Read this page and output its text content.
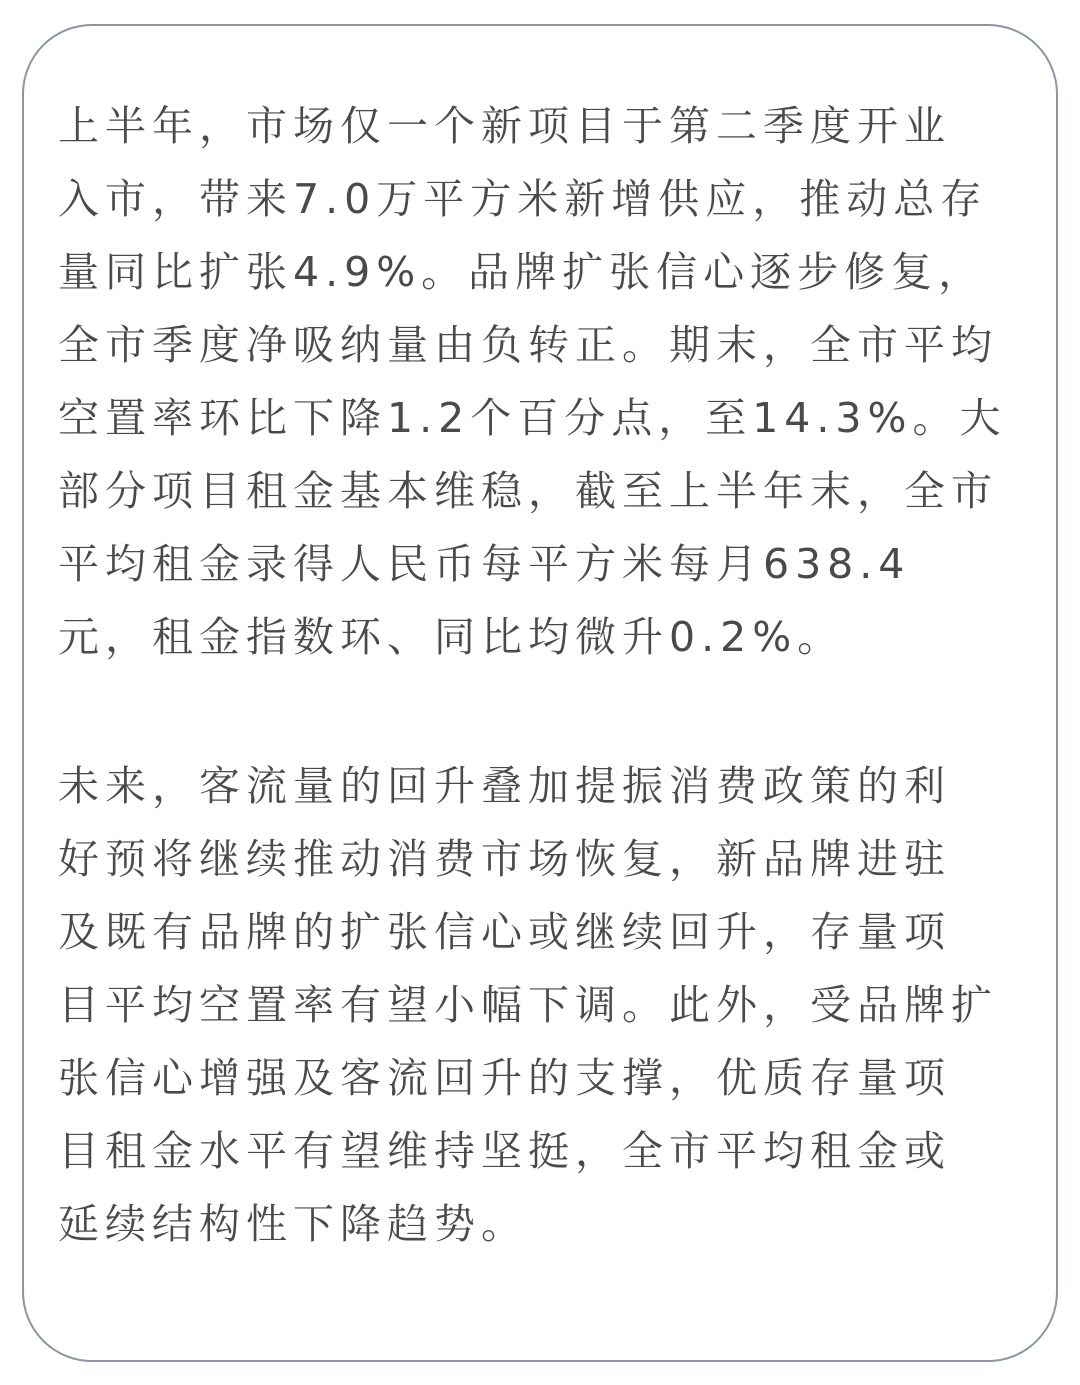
上半年，市场仅一个新项目于第二季度开业
入市，带来7.0万平方米新增供应，推动总存
量同比扩张4.9%。品牌扩张信心逐步修复，
全市季度净吸纳量由负转正。期末，全市平均
空置率环比下降1.2个百分点，至14.3%。大
部分项目租金基本维稳，截至上半年末，全市
平均租金录得人民币每平方米每月638.4
元，租金指数环、同比均微升0.2%。

未来，客流量的回升叠加提振消费政策的利
好预将继续推动消费市场恢复，新品牌进驻
及既有品牌的扩张信心或继续回升，存量项
目平均空置率有望小幅下调。此外，受品牌扩
张信心增强及客流回升的支撑，优质存量项
目租金水平有望维持坚挺，全市平均租金或
延续结构性下降趋势。
